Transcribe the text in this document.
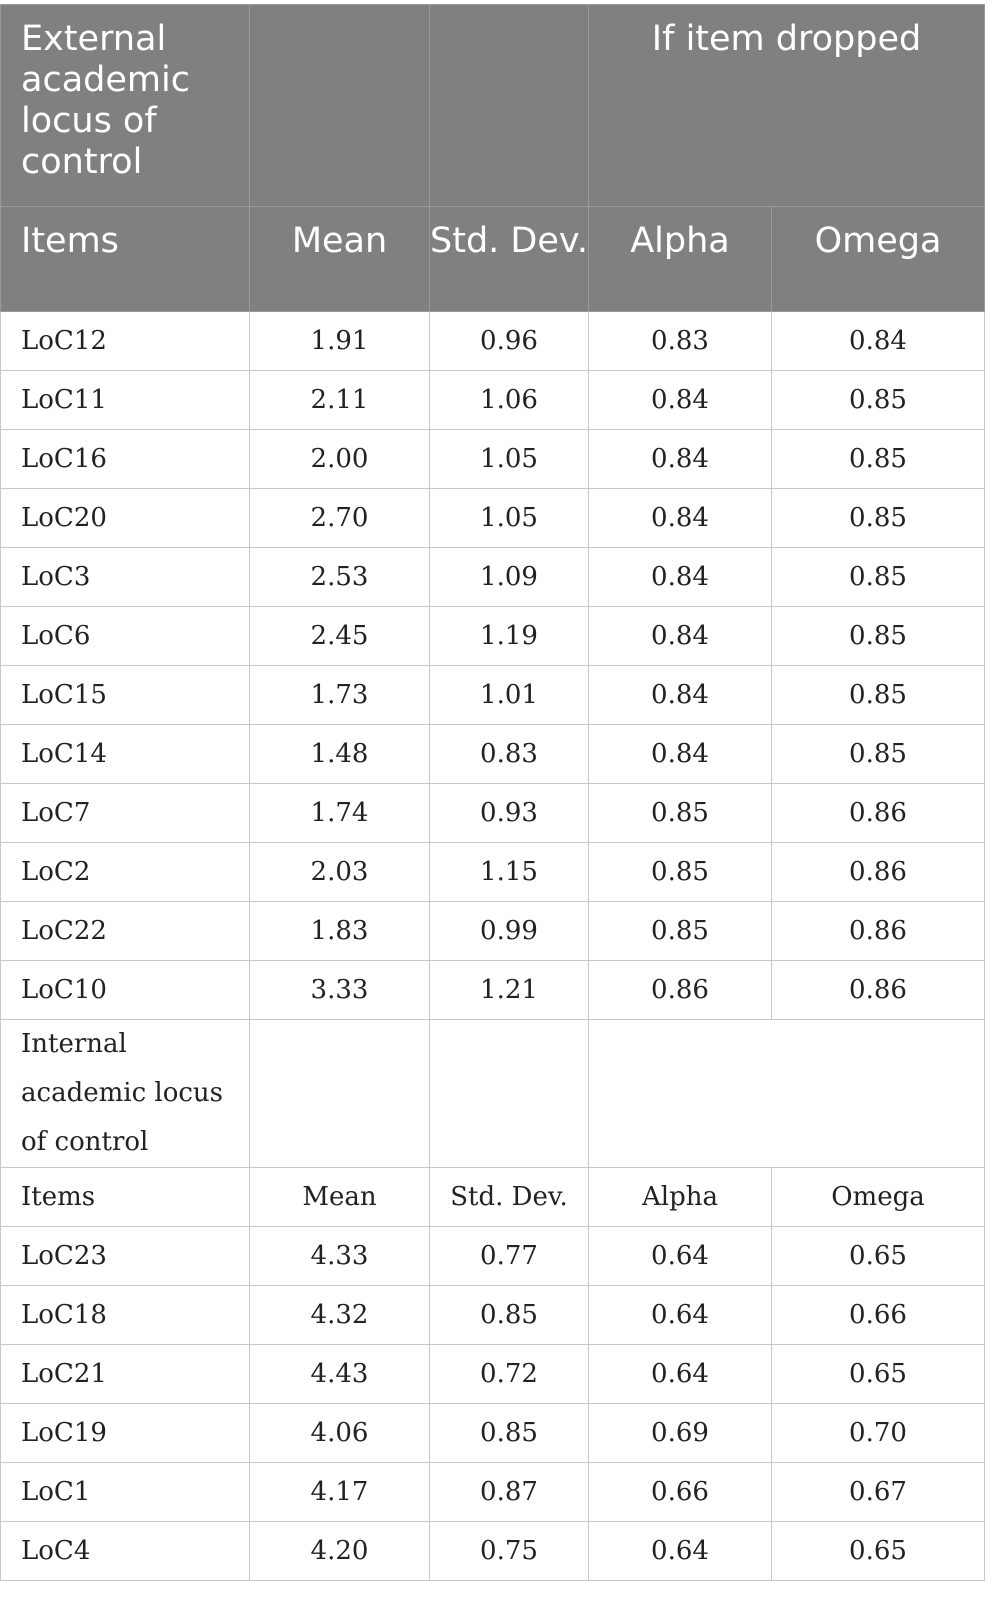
External academic locus of control			If item dropped	
Items	Mean	Std. Dev.	Alpha	Omega
LoC12	1.91	0.96	0.83	0.84
LoC11	2.11	1.06	0.84	0.85
LoC16	2.00	1.05	0.84	0.85
LoC20	2.70	1.05	0.84	0.85
LoC3	2.53	1.09	0.84	0.85
LoC6	2.45	1.19	0.84	0.85
LoC15	1.73	1.01	0.84	0.85
LoC14	1.48	0.83	0.84	0.85
LoC7	1.74	0.93	0.85	0.86
LoC2	2.03	1.15	0.85	0.86
LoC22	1.83	0.99	0.85	0.86
LoC10	3.33	1.21	0.86	0.86
Internal academic locus of control				
Items	Mean	Std. Dev.	Alpha	Omega
LoC23	4.33	0.77	0.64	0.65
LoC18	4.32	0.85	0.64	0.66
LoC21	4.43	0.72	0.64	0.65
LoC19	4.06	0.85	0.69	0.70
LoC1	4.17	0.87	0.66	0.67
LoC4	4.20	0.75	0.64	0.65
